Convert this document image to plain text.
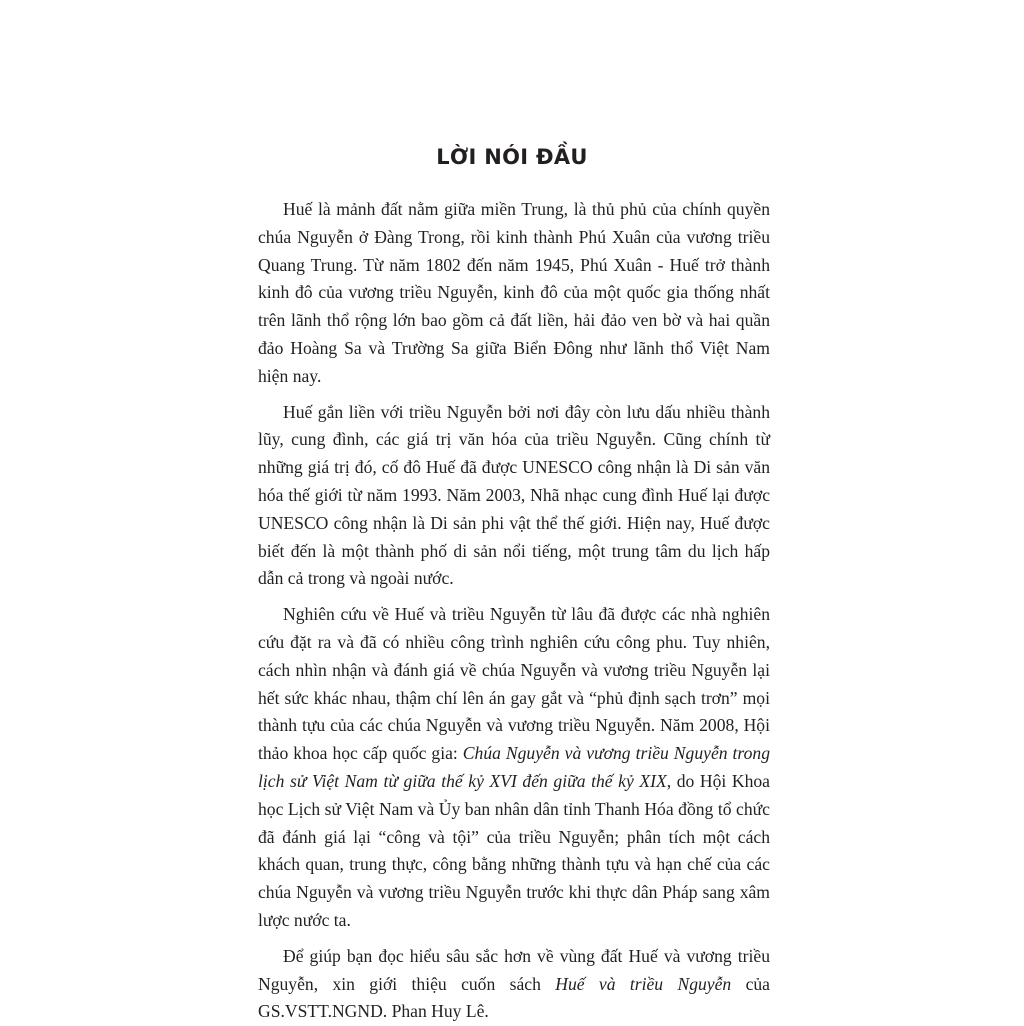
LỜI NÓI ĐẦU

Huế là mảnh đất nằm giữa miền Trung, là thủ phủ của chính quyền chúa Nguyễn ở Đàng Trong, rồi kinh thành Phú Xuân của vương triều Quang Trung. Từ năm 1802 đến năm 1945, Phú Xuân - Huế trở thành kinh đô của vương triều Nguyễn, kinh đô của một quốc gia thống nhất trên lãnh thổ rộng lớn bao gồm cả đất liền, hải đảo ven bờ và hai quần đảo Hoàng Sa và Trường Sa giữa Biển Đông như lãnh thổ Việt Nam hiện nay.

Huế gắn liền với triều Nguyễn bởi nơi đây còn lưu dấu nhiều thành lũy, cung đình, các giá trị văn hóa của triều Nguyễn. Cũng chính từ những giá trị đó, cố đô Huế đã được UNESCO công nhận là Di sản văn hóa thế giới từ năm 1993. Năm 2003, Nhã nhạc cung đình Huế lại được UNESCO công nhận là Di sản phi vật thể thế giới. Hiện nay, Huế được biết đến là một thành phố di sản nổi tiếng, một trung tâm du lịch hấp dẫn cả trong và ngoài nước.

Nghiên cứu về Huế và triều Nguyễn từ lâu đã được các nhà nghiên cứu đặt ra và đã có nhiều công trình nghiên cứu công phu. Tuy nhiên, cách nhìn nhận và đánh giá về chúa Nguyễn và vương triều Nguyễn lại hết sức khác nhau, thậm chí lên án gay gắt và “phủ định sạch trơn” mọi thành tựu của các chúa Nguyễn và vương triều Nguyễn. Năm 2008, Hội thảo khoa học cấp quốc gia: Chúa Nguyễn và vương triều Nguyễn trong lịch sử Việt Nam từ giữa thế kỷ XVI đến giữa thế kỷ XIX, do Hội Khoa học Lịch sử Việt Nam và Ủy ban nhân dân tỉnh Thanh Hóa đồng tổ chức đã đánh giá lại “công và tội” của triều Nguyễn; phân tích một cách khách quan, trung thực, công bằng những thành tựu và hạn chế của các chúa Nguyễn và vương triều Nguyễn trước khi thực dân Pháp sang xâm lược nước ta.

Để giúp bạn đọc hiểu sâu sắc hơn về vùng đất Huế và vương triều Nguyễn, xin giới thiệu cuốn sách Huế và triều Nguyễn của GS.VSTT.NGND. Phan Huy Lê.
